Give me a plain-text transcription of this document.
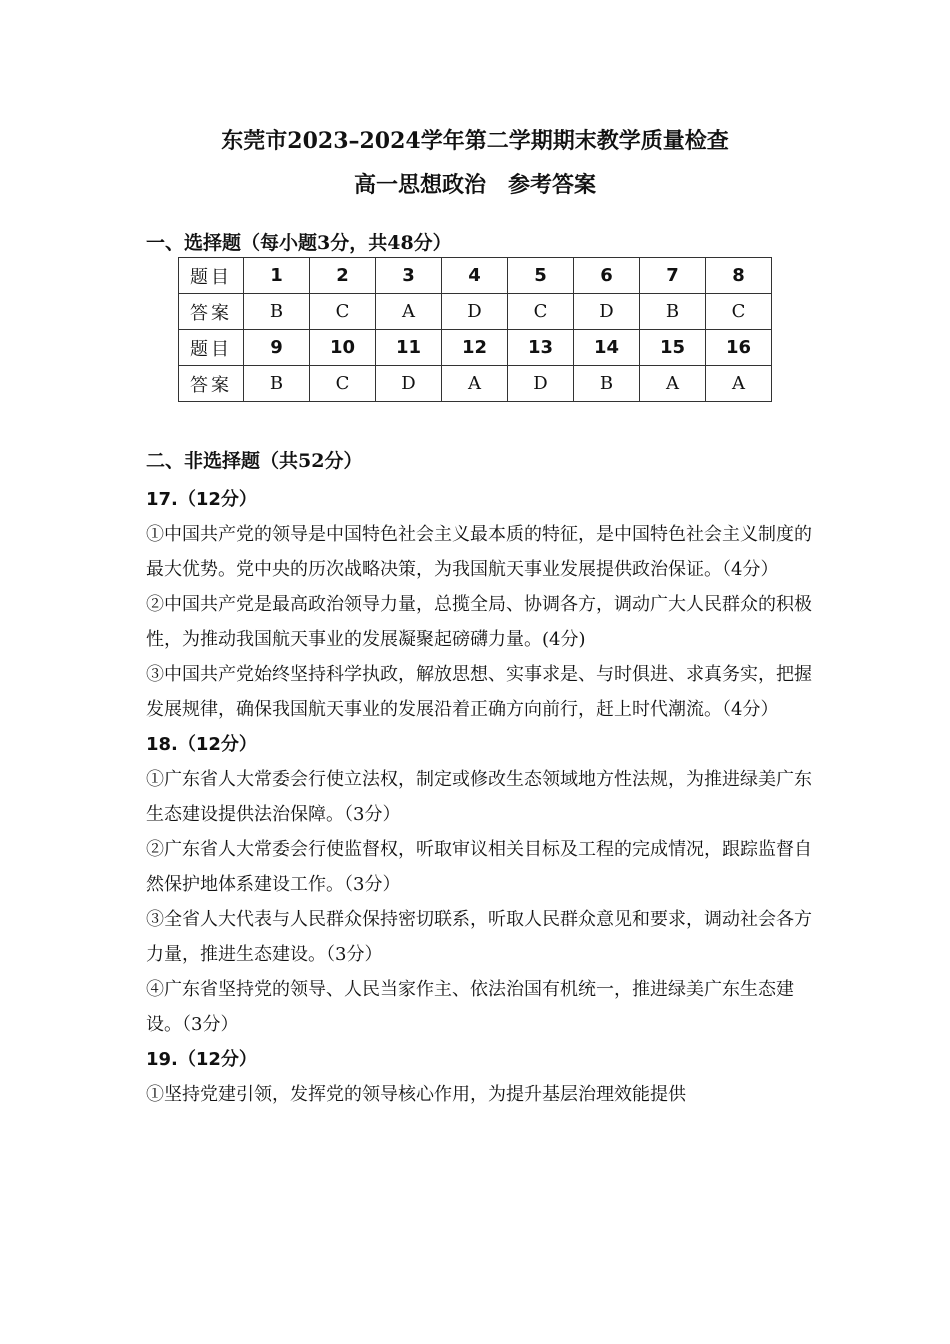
东莞市2023–2024学年第二学期期末教学质量检查
高一思想政治　参考答案
一、选择题（每小题3分，共48分）
题目	1	2	3	4	5	6	7	8
答案	B	C	A	D	C	D	B	C
题目	9	10	11	12	13	14	15	16
答案	B	C	D	A	D	B	A	A
二、非选择题（共52分）

17.（12分）

①中国共产党的领导是中国特色社会主义最本质的特征，是中国特色社会主义制度的最大优势。党中央的历次战略决策，为我国航天事业发展提供政治保证。（4分）

②中国共产党是最高政治领导力量，总揽全局、协调各方，调动广大人民群众的积极性，为推动我国航天事业的发展凝聚起磅礴力量。(4分)

③中国共产党始终坚持科学执政，解放思想、实事求是、与时俱进、求真务实，把握发展规律，确保我国航天事业的发展沿着正确方向前行，赶上时代潮流。（4分）

18.（12分）

①广东省人大常委会行使立法权，制定或修改生态领域地方性法规，为推进绿美广东生态建设提供法治保障。（3分）

②广东省人大常委会行使监督权，听取审议相关目标及工程的完成情况，跟踪监督自然保护地体系建设工作。（3分）

③全省人大代表与人民群众保持密切联系，听取人民群众意见和要求，调动社会各方力量，推进生态建设。（3分）

④广东省坚持党的领导、人民当家作主、依法治国有机统一，推进绿美广东生态建设。（3分）

19.（12分）

①坚持党建引领，发挥党的领导核心作用，为提升基层治理效能提供
